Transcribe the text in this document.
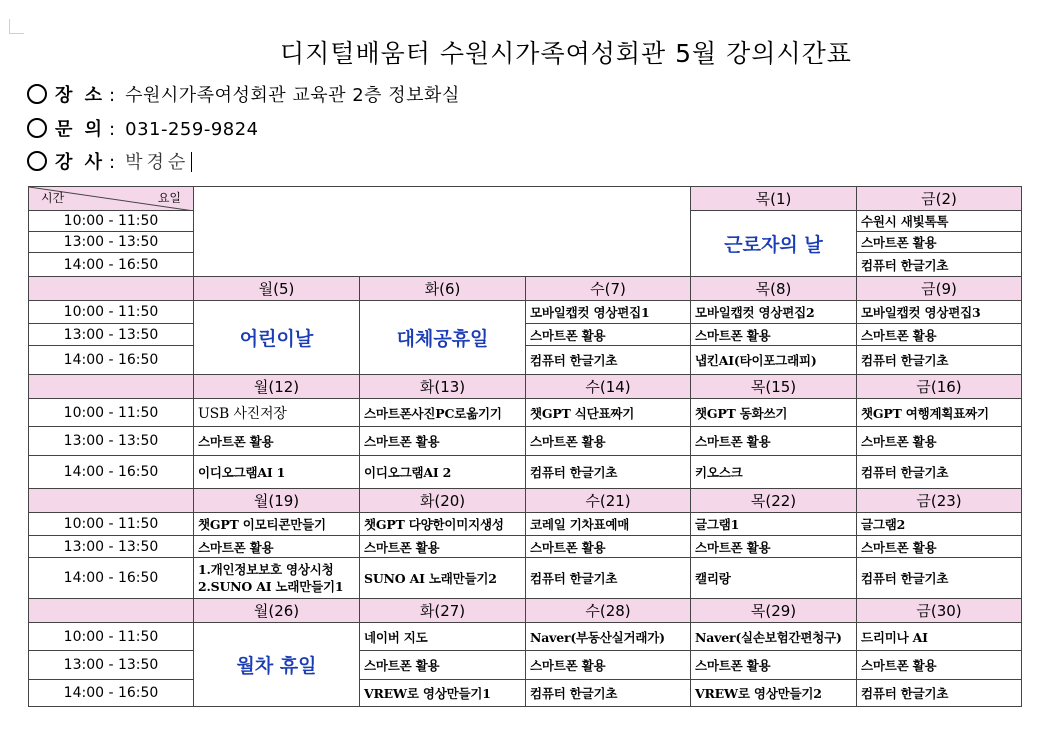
디지털배움터 수원시가족여성회관 5월 강의시간표
장 소 : 수원시가족여성회관 교육관 2층 정보화실
문 의 : 031-259-9824
강 사 : 박경순
시간 요일				목(1)	금(2)
10:00 - 11:50				근로자의 날	수원시 새빛톡톡
13:00 - 13:50					스마트폰 활용
14:00 - 16:50					컴퓨터 한글기초
	월(5)	화(6)	수(7)	목(8)	금(9)
10:00 - 11:50	어린이날	대체공휴일	모바일캡컷 영상편집1	모바일캡컷 영상편집2	모바일캡컷 영상편집3
13:00 - 13:50			스마트폰 활용	스마트폰 활용	스마트폰 활용
14:00 - 16:50			컴퓨터 한글기초	냅킨AI(타이포그래피)	컴퓨터 한글기초
	월(12)	화(13)	수(14)	목(15)	금(16)
10:00 - 11:50	USB 사진저장	스마트폰사진PC로옮기기	챗GPT 식단표짜기	챗GPT 동화쓰기	챗GPT 여행계획표짜기
13:00 - 13:50	스마트폰 활용	스마트폰 활용	스마트폰 활용	스마트폰 활용	스마트폰 활용
14:00 - 16:50	이디오그램AI 1	이디오그램AI 2	컴퓨터 한글기초	키오스크	컴퓨터 한글기초
	월(19)	화(20)	수(21)	목(22)	금(23)
10:00 - 11:50	챗GPT 이모티콘만들기	챗GPT 다양한이미지생성	코레일 기차표예매	글그램1	글그램2
13:00 - 13:50	스마트폰 활용	스마트폰 활용	스마트폰 활용	스마트폰 활용	스마트폰 활용
14:00 - 16:50	1.개인정보보호 영상시청
2.SUNO AI 노래만들기1	SUNO AI 노래만들기2	컴퓨터 한글기초	캘리랑	컴퓨터 한글기초
	월(26)	화(27)	수(28)	목(29)	금(30)
10:00 - 11:50	월차 휴일	네이버 지도	Naver(부동산실거래가)	Naver(실손보험간편청구)	드리미나 AI
13:00 - 13:50		스마트폰 활용	스마트폰 활용	스마트폰 활용	스마트폰 활용
14:00 - 16:50		VREW로 영상만들기1	컴퓨터 한글기초	VREW로 영상만들기2	컴퓨터 한글기초
